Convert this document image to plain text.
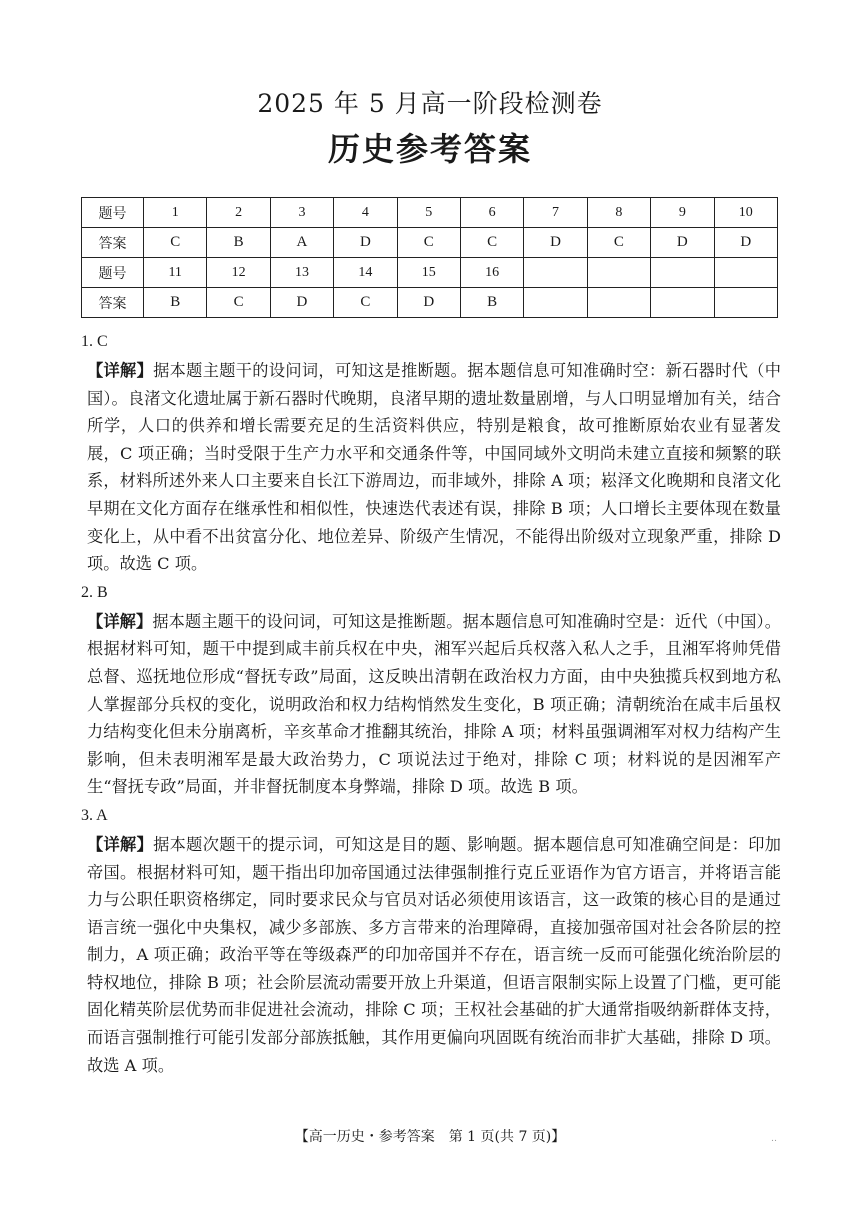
2025 年 5 月高一阶段检测卷
历史参考答案
题号	1	2	3	4	5	6	7	8	9	10
答案	C	B	A	D	C	C	D	C	D	D
题号	11	12	13	14	15	16				
答案	B	C	D	C	D	B				
1. C

【详解】据本题主题干的设问词，可知这是推断题。据本题信息可知准确时空：新石器时代（中国）。良渚文化遗址属于新石器时代晚期，良渚早期的遗址数量剧增，与人口明显增加有关，结合所学，人口的供养和增长需要充足的生活资料供应，特别是粮食，故可推断原始农业有显著发展，C 项正确；当时受限于生产力水平和交通条件等，中国同域外文明尚未建立直接和频繁的联系，材料所述外来人口主要来自长江下游周边，而非域外，排除 A 项；崧泽文化晚期和良渚文化早期在文化方面存在继承性和相似性，快速迭代表述有误，排除 B 项；人口增长主要体现在数量变化上，从中看不出贫富分化、地位差异、阶级产生情况，不能得出阶级对立现象严重，排除 D 项。故选 C 项。

2. B

【详解】据本题主题干的设问词，可知这是推断题。据本题信息可知准确时空是：近代（中国）。根据材料可知，题干中提到咸丰前兵权在中央，湘军兴起后兵权落入私人之手，且湘军将帅凭借总督、巡抚地位形成“督抚专政”局面，这反映出清朝在政治权力方面，由中央独揽兵权到地方私人掌握部分兵权的变化，说明政治和权力结构悄然发生变化，B 项正确；清朝统治在咸丰后虽权力结构变化但未分崩离析，辛亥革命才推翻其统治，排除 A 项；材料虽强调湘军对权力结构产生影响，但未表明湘军是最大政治势力，C 项说法过于绝对，排除 C 项；材料说的是因湘军产生“督抚专政”局面，并非督抚制度本身弊端，排除 D 项。故选 B 项。

3. A

【详解】据本题次题干的提示词，可知这是目的题、影响题。据本题信息可知准确空间是：印加帝国。根据材料可知，题干指出印加帝国通过法律强制推行克丘亚语作为官方语言，并将语言能力与公职任职资格绑定，同时要求民众与官员对话必须使用该语言，这一政策的核心目的是通过语言统一强化中央集权，减少多部族、多方言带来的治理障碍，直接加强帝国对社会各阶层的控制力，A 项正确；政治平等在等级森严的印加帝国并不存在，语言统一反而可能强化统治阶层的特权地位，排除 B 项；社会阶层流动需要开放上升渠道，但语言限制实际上设置了门槛，更可能固化精英阶层优势而非促进社会流动，排除 C 项；王权社会基础的扩大通常指吸纳新群体支持，而语言强制推行可能引发部分部族抵触，其作用更偏向巩固既有统治而非扩大基础，排除 D 项。故选 A 项。

【高一历史・参考答案　第 1 页(共 7 页)】	‥
